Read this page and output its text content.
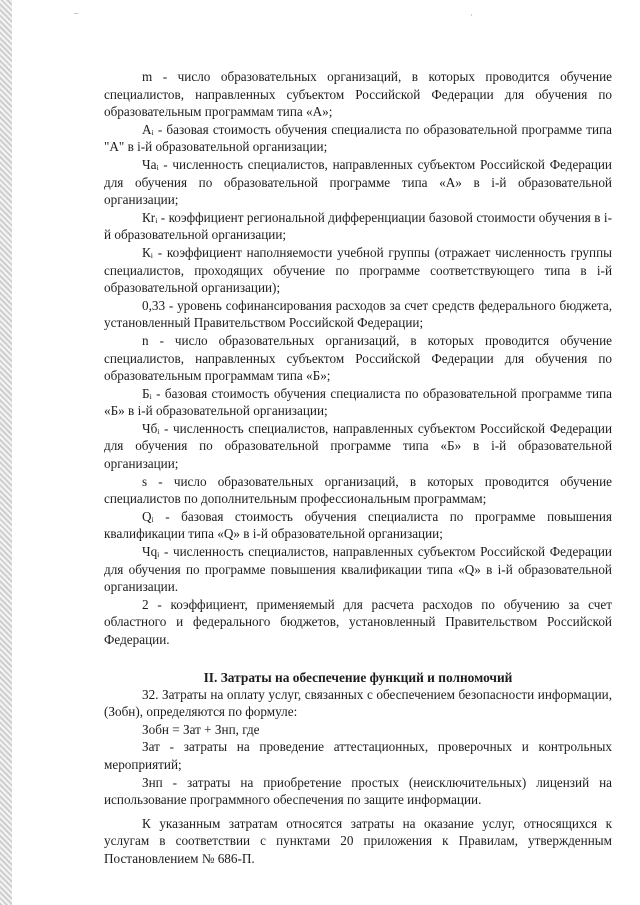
–	·

m - число образовательных организаций, в которых проводится обучение специалистов, направленных субъектом Российской Федерации для обучения по образовательным программам типа «А»;

Аᵢ - базовая стоимость обучения специалиста по образовательной программе типа "А" в i-й образовательной организации;

Чаᵢ - численность специалистов, направленных субъектом Российской Федерации для обучения по образовательной программе типа «А» в i-й образовательной организации;

Кrᵢ - коэффициент региональной дифференциации базовой стоимости обучения в i-й образовательной организации;

Кᵢ - коэффициент наполняемости учебной группы (отражает численность группы специалистов, проходящих обучение по программе соответствующего типа в i-й образовательной организации);

0,33 - уровень софинансирования расходов за счет средств федерального бюджета, установленный Правительством Российской Федерации;

n - число образовательных организаций, в которых проводится обучение специалистов, направленных субъектом Российской Федерации для обучения по образовательным программам типа «Б»;

Бᵢ - базовая стоимость обучения специалиста по образовательной программе типа «Б» в i-й образовательной организации;

Чбᵢ - численность специалистов, направленных субъектом Российской Федерации для обучения по образовательной программе типа «Б» в i-й образовательной организации;

s - число образовательных организаций, в которых проводится обучение специалистов по дополнительным профессиональным программам;

Qᵢ - базовая стоимость обучения специалиста по программе повышения квалификации типа «Q» в i-й образовательной организации;

Чqᵢ - численность специалистов, направленных субъектом Российской Федерации для обучения по программе повышения квалификации типа «Q» в i-й образовательной организации.

2 - коэффициент, применяемый для расчета расходов по обучению за счет областного и федерального бюджетов, установленный Правительством Российской Федерации.

II. Затраты на обеспечение функций и полномочий

32. Затраты на оплату услуг, связанных с обеспечением безопасности информации, (Зобн), определяются по формуле:

Зобн = Зат + Знп, где

Зат - затраты на проведение аттестационных, проверочных и контрольных мероприятий;

Знп - затраты на приобретение простых (неисключительных) лицензий на использование программного обеспечения по защите информации.

К указанным затратам относятся затраты на оказание услуг, относящихся к услугам в соответствии с пунктами 20 приложения к Правилам, утвержденным Постановлением № 686-П.
